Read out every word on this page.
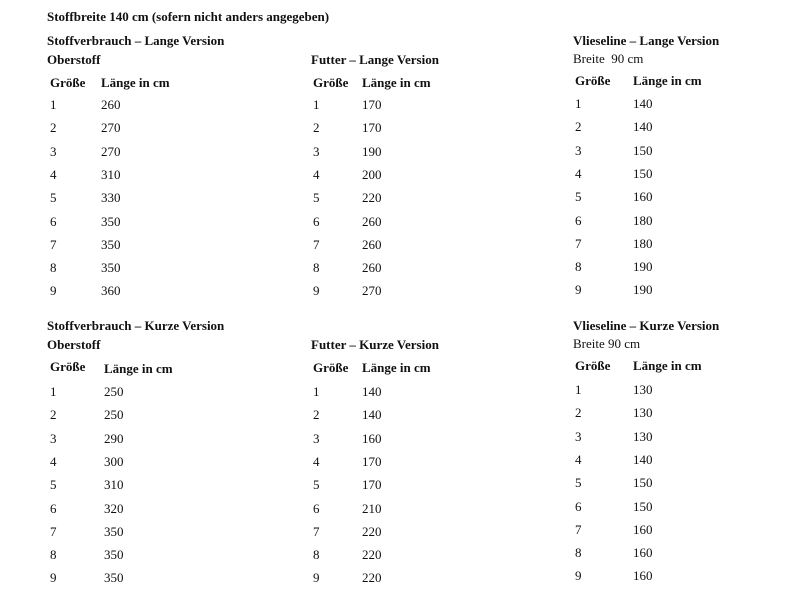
Stoffbreite 140 cm (sofern nicht anders angegeben)
Stoffverbrauch – Lange Version
Oberstoff
Größe Länge in cm
1	260
2	270
3	270
4	310
5	330
6	350
7	350
8	350
9	360
Futter – Lange Version
Größe Länge in cm
1	170
2	170
3	190
4	200
5	220
6	260
7	260
8	260
9	270
Vlieseline – Lange Version
Breite  90 cm
Größe Länge in cm
1	140
2	140
3	150
4	150
5	160
6	180
7	180
8	190
9	190
Stoffverbrauch – Kurze Version
Oberstoff
Größe Länge in cm
1	250
2	250
3	290
4	300
5	310
6	320
7	350
8	350
9	350
Futter – Kurze Version
Größe Länge in cm
1	140
2	140
3	160
4	170
5	170
6	210
7	220
8	220
9	220
Vlieseline – Kurze Version
Breite 90 cm
Größe Länge in cm
1	130
2	130
3	130
4	140
5	150
6	150
7	160
8	160
9	160
